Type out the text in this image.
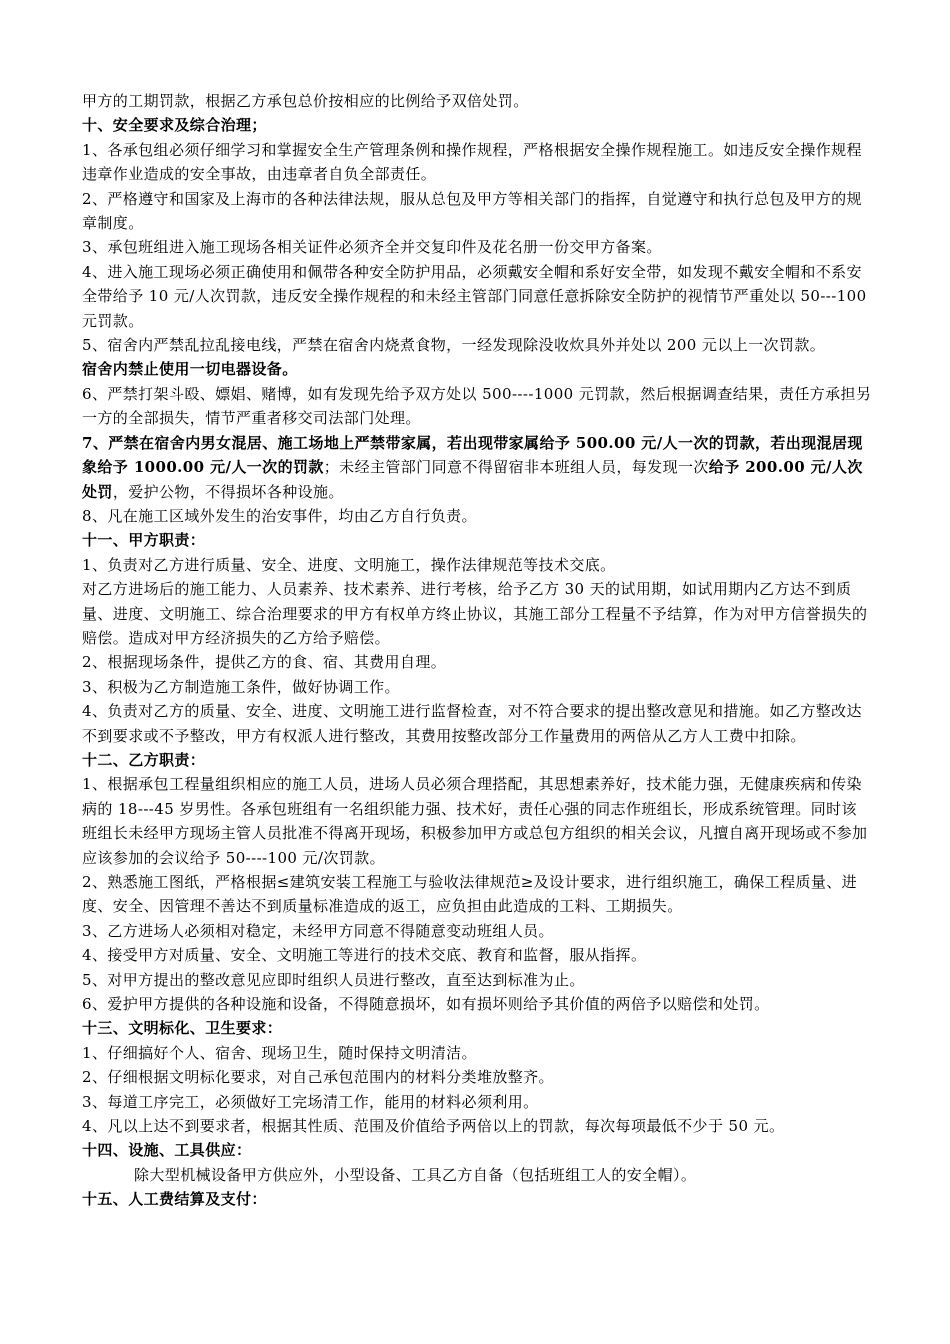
甲方的工期罚款，根据乙方承包总价按相应的比例给予双倍处罚。

十、安全要求及综合治理；

1、各承包组必须仔细学习和掌握安全生产管理条例和操作规程，严格根据安全操作规程施工。如违反安全操作规程违章作业造成的安全事故，由违章者自负全部责任。

2、严格遵守和国家及上海市的各种法律法规，服从总包及甲方等相关部门的指挥，自觉遵守和执行总包及甲方的规章制度。

3、承包班组进入施工现场各相关证件必须齐全并交复印件及花名册一份交甲方备案。

4、进入施工现场必须正确使用和佩带各种安全防护用品，必须戴安全帽和系好安全带，如发现不戴安全帽和不系安全带给予 10 元/人次罚款，违反安全操作规程的和未经主管部门同意任意拆除安全防护的视情节严重处以 50---100 元罚款。

5、宿舍内严禁乱拉乱接电线，严禁在宿舍内烧煮食物，一经发现除没收炊具外并处以 200 元以上一次罚款。

宿舍内禁止使用一切电器设备。

6、严禁打架斗殴、嫖娼、赌博，如有发现先给予双方处以 500----1000 元罚款，然后根据调查结果，责任方承担另一方的全部损失，情节严重者移交司法部门处理。

7、严禁在宿舍内男女混居、施工场地上严禁带家属，若出现带家属给予 500.00 元/人一次的罚款，若出现混居现象给予 1000.00 元/人一次的罚款；未经主管部门同意不得留宿非本班组人员，每发现一次给予 200.00 元/人次处罚，爱护公物，不得损坏各种设施。

8、凡在施工区域外发生的治安事件，均由乙方自行负责。

十一、甲方职责：

1、负责对乙方进行质量、安全、进度、文明施工，操作法律规范等技术交底。

对乙方进场后的施工能力、人员素养、技术素养、进行考核，给予乙方 30 天的试用期，如试用期内乙方达不到质量、进度、文明施工、综合治理要求的甲方有权单方终止协议，其施工部分工程量不予结算，作为对甲方信誉损失的赔偿。造成对甲方经济损失的乙方给予赔偿。

2、根据现场条件，提供乙方的食、宿、其费用自理。

3、积极为乙方制造施工条件，做好协调工作。

4、负责对乙方的质量、安全、进度、文明施工进行监督检查，对不符合要求的提出整改意见和措施。如乙方整改达不到要求或不予整改，甲方有权派人进行整改，其费用按整改部分工作量费用的两倍从乙方人工费中扣除。

十二、乙方职责：

1、根据承包工程量组织相应的施工人员，进场人员必须合理搭配，其思想素养好，技术能力强，无健康疾病和传染病的 18---45 岁男性。各承包班组有一名组织能力强、技术好，责任心强的同志作班组长，形成系统管理。同时该班组长未经甲方现场主管人员批准不得离开现场，积极参加甲方或总包方组织的相关会议，凡擅自离开现场或不参加应该参加的会议给予 50----100 元/次罚款。

2、熟悉施工图纸，严格根据≤建筑安装工程施工与验收法律规范≥及设计要求，进行组织施工，确保工程质量、进度、安全、因管理不善达不到质量标准造成的返工，应负担由此造成的工料、工期损失。

3、乙方进场人必须相对稳定，未经甲方同意不得随意变动班组人员。

4、接受甲方对质量、安全、文明施工等进行的技术交底、教育和监督，服从指挥。

5、对甲方提出的整改意见应即时组织人员进行整改，直至达到标准为止。

6、爱护甲方提供的各种设施和设备，不得随意损坏，如有损坏则给予其价值的两倍予以赔偿和处罚。

十三、文明标化、卫生要求：

1、仔细搞好个人、宿舍、现场卫生，随时保持文明清洁。

2、仔细根据文明标化要求，对自己承包范围内的材料分类堆放整齐。

3、每道工序完工，必须做好工完场清工作，能用的材料必须利用。

4、凡以上达不到要求者，根据其性质、范围及价值给予两倍以上的罚款，每次每项最低不少于 50 元。

十四、设施、工具供应：

除大型机械设备甲方供应外，小型设备、工具乙方自备（包括班组工人的安全帽）。

十五、人工费结算及支付：
